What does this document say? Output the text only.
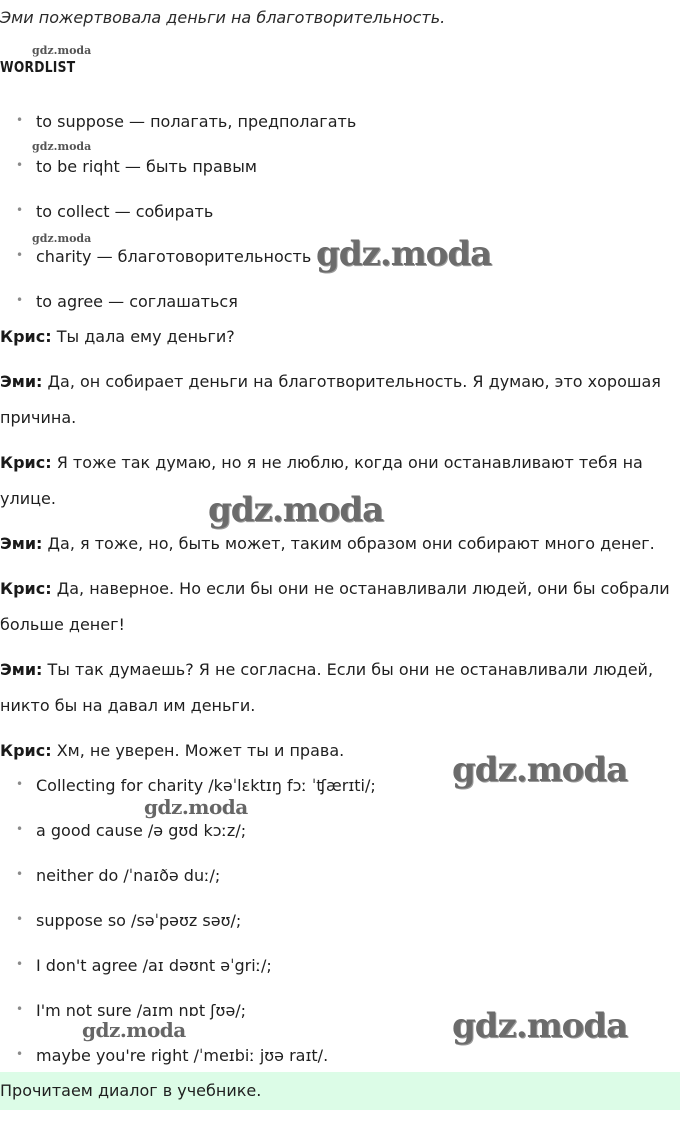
Эми пожертвовала деньги на благотворительность.
gdz.moda
WORDLIST
• to suppose — полагать, предполагать
gdz.moda
• to be riqht — быть правым
• to collect — собирать
gdz.moda
• charity — благотоворительность gdz.moda
• to agree — соглашаться
Крис: Ты дала ему деньги?
Эми: Да, он собирает деньги на благотворительность. Я думаю, это хорошая
причина.
Крис: Я тоже так думаю, но я не люблю, когда они останавливают тебя на
улице.	gdz.moda
Эми: Да, я тоже, но, быть может, таким образом они собирают много денег.
Крис: Да, наверное. Но если бы они не останавливали людей, они бы собрали
больше денег!
Эми: Ты так думаешь? Я не согласна. Если бы они не останавливали людей,
никто бы на давал им деньги.
Крис: Хм, не уверен. Может ты и права.	gdz.moda
• Collecting for charity /kəˈlɛktɪŋ fɔː ˈʧærɪti/;
gdz.moda
• a good cause /ə gʊd kɔːz/;
• neither do /ˈnaɪðə duː/;
• suppose so /səˈpəʊz səʊ/;
• I don't agree /aɪ dəʊnt əˈgriː/;
• I'm not sure /aɪm nɒt ʃʊə/;	gdz.moda
gdz.moda
• maybe you're right /ˈmeɪbiː jʊə raɪt/.
Прочитаем диалог в учебнике.
